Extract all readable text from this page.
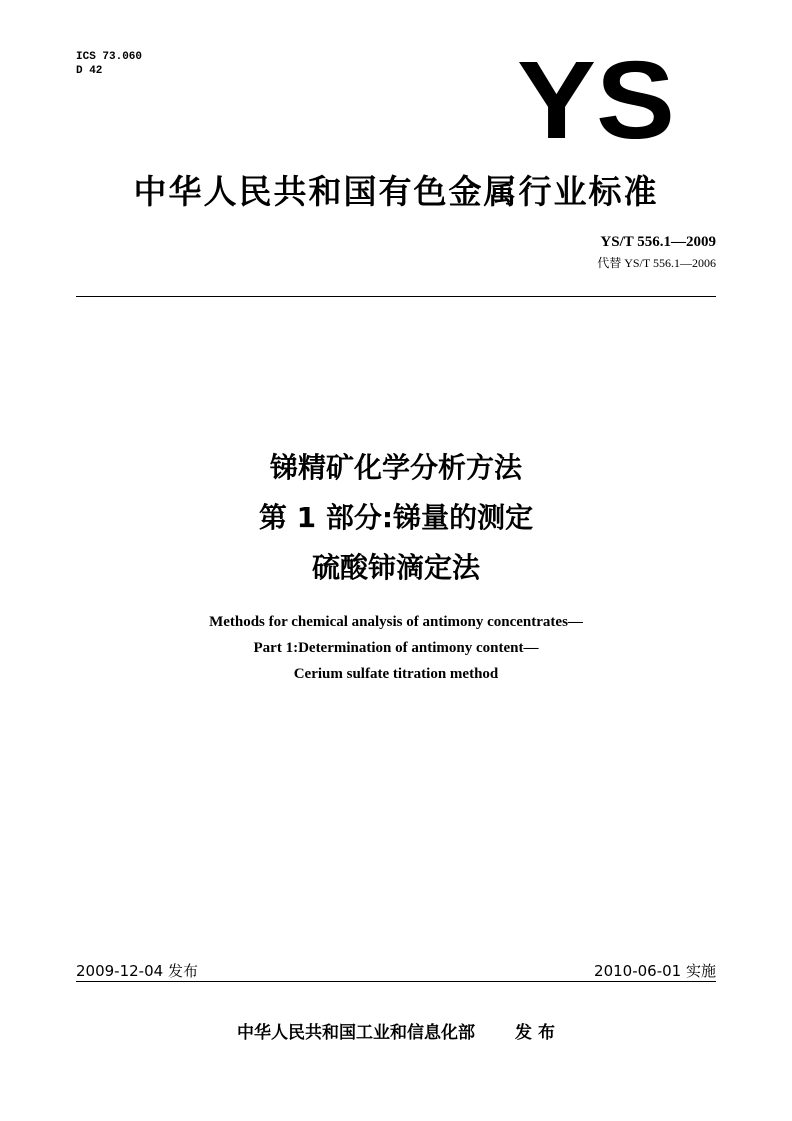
ICS 73.060
D 42	YS
中华人民共和国有色金属行业标准
YS/T 556.1—2009
代替 YS/T 556.1—2006
锑精矿化学分析方法
第 1 部分:锑量的测定
硫酸铈滴定法
Methods for chemical analysis of antimony concentrates—
Part 1:Determination of antimony content—
Cerium sulfate titration method
2009-12-04 发布	2010-06-01 实施
中华人民共和国工业和信息化部 发 布
